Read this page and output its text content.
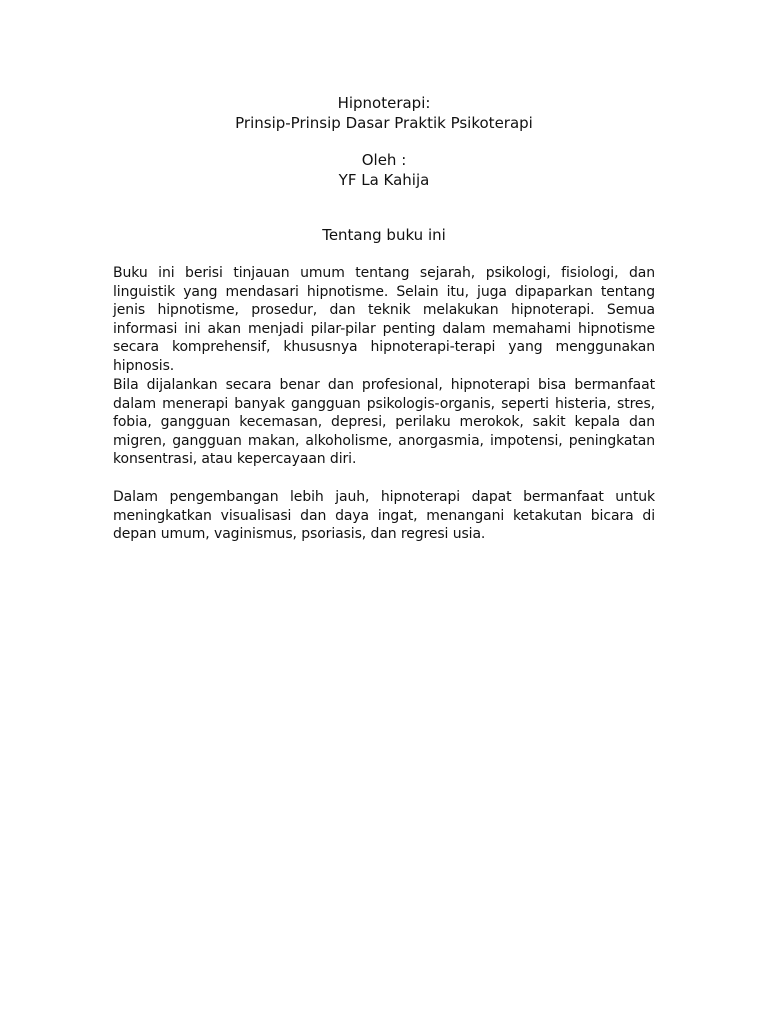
Hipnoterapi:
Prinsip-Prinsip Dasar Praktik Psikoterapi
Oleh :
YF La Kahija
Tentang buku ini

Buku ini berisi tinjauan umum tentang sejarah, psikologi, fisiologi, dan linguistik yang mendasari hipnotisme. Selain itu, juga dipaparkan tentang jenis hipnotisme, prosedur, dan teknik melakukan hipnoterapi. Semua informasi ini akan menjadi pilar-pilar penting dalam memahami hipnotisme secara komprehensif, khususnya hipnoterapi-terapi yang menggunakan hipnosis.

Bila dijalankan secara benar dan profesional, hipnoterapi bisa bermanfaat dalam menerapi banyak gangguan psikologis-organis, seperti histeria, stres, fobia, gangguan kecemasan, depresi, perilaku merokok, sakit kepala dan migren, gangguan makan, alkoholisme, anorgasmia, impotensi, peningkatan konsentrasi, atau kepercayaan diri.

Dalam pengembangan lebih jauh, hipnoterapi dapat bermanfaat untuk meningkatkan visualisasi dan daya ingat, menangani ketakutan bicara di depan umum, vaginismus, psoriasis, dan regresi usia.
